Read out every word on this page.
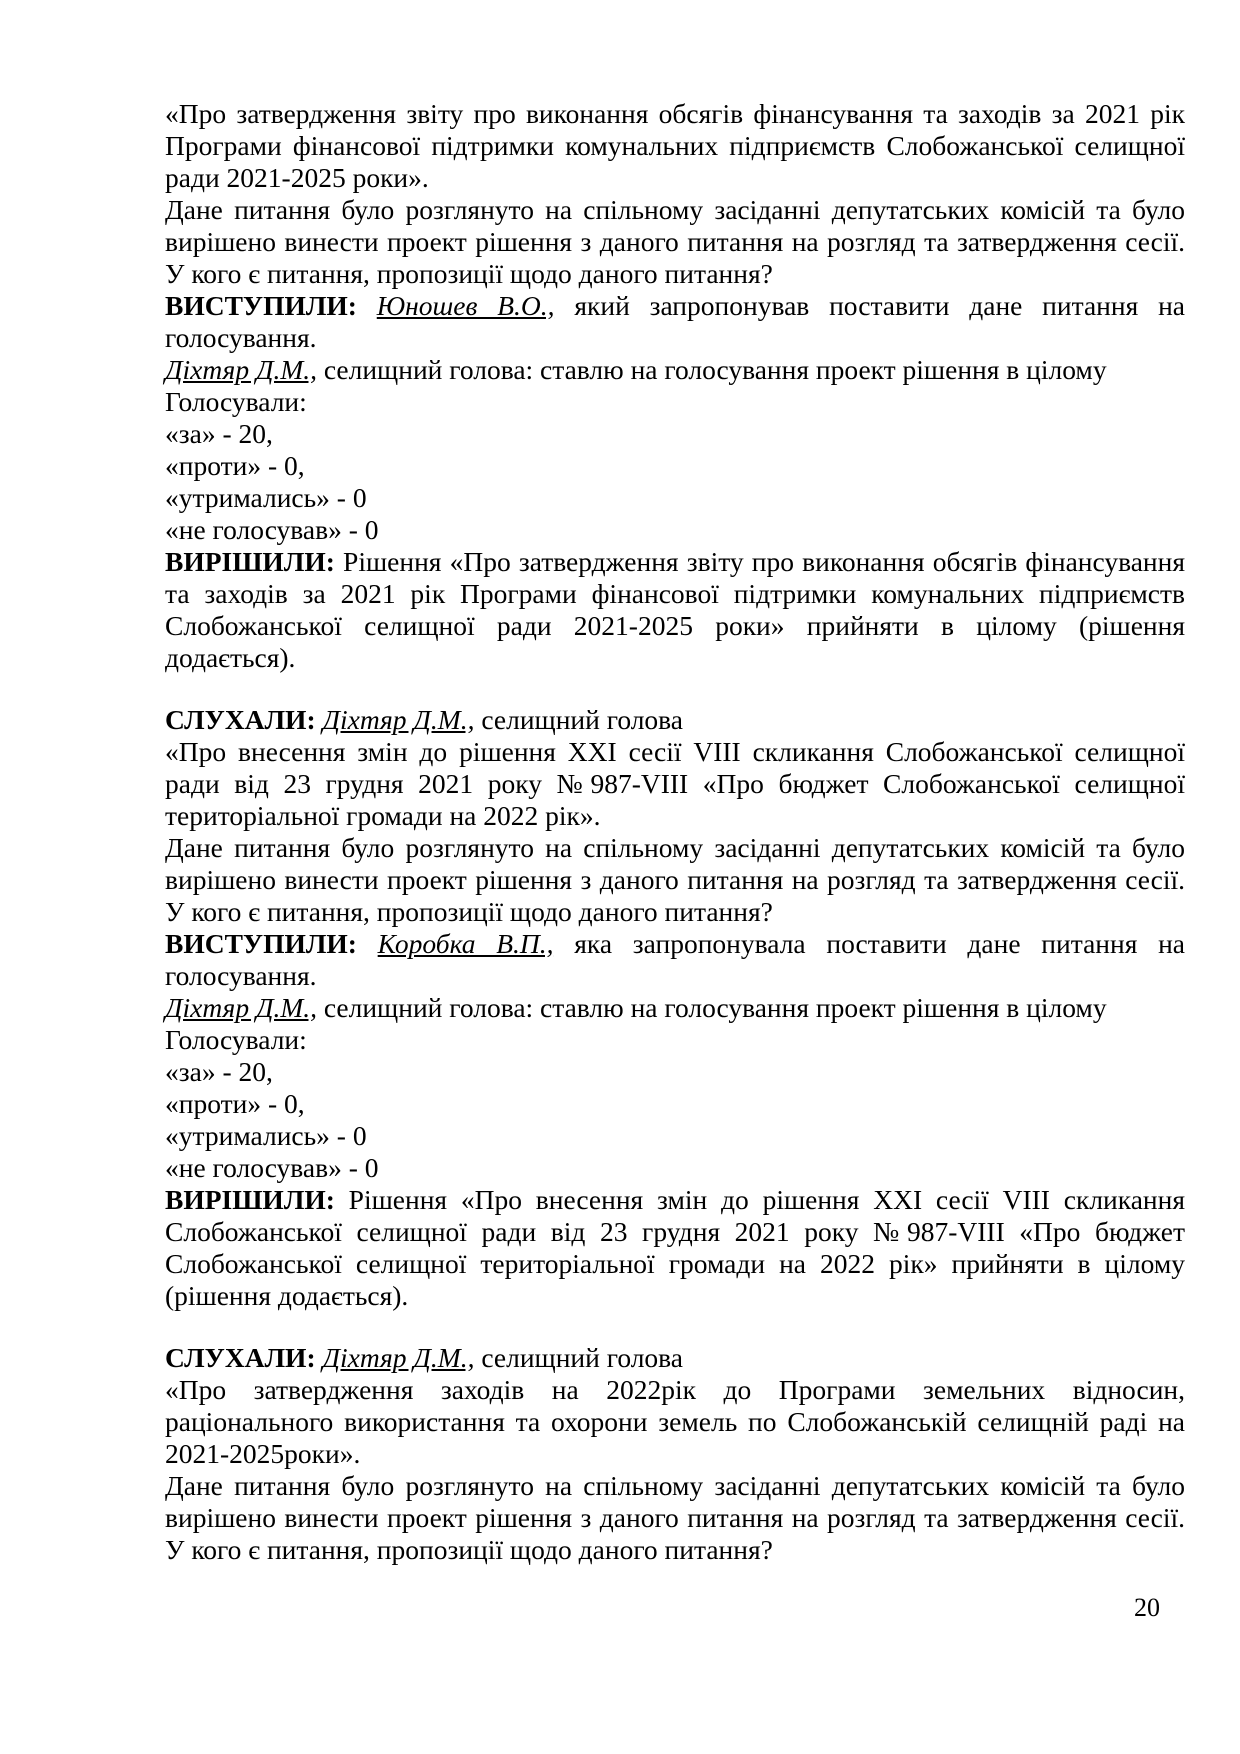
«Про затвердження звіту про виконання обсягів фінансування та заходів за 2021 рік Програми фінансової підтримки комунальних підприємств Слобожанської селищної ради 2021-2025 роки».

Дане питання було розглянуто на спільному засіданні депутатських комісій та було вирішено винести проект рішення з даного питання на розгляд та затвердження сесії. У кого є питання, пропозиції щодо даного питання?

ВИСТУПИЛИ: Юношев В.О., який запропонував поставити дане питання на голосування.

Діхтяр Д.М., селищний голова: ставлю на голосування проект рішення в цілому

Голосували:

«за» - 20,

«проти» - 0,

«утримались» - 0

«не голосував» - 0

ВИРІШИЛИ: Рішення «Про затвердження звіту про виконання обсягів фінансування та заходів за 2021 рік Програми фінансової підтримки комунальних підприємств Слобожанської селищної ради 2021-2025 роки» прийняти в цілому (рішення додається).

СЛУХАЛИ: Діхтяр Д.М., селищний голова

«Про внесення змін до рішення XXI сесії VIII скликання Слобожанської селищної ради від 23 грудня 2021 року №987-VIII «Про бюджет Слобожанської селищної територіальної громади на 2022 рік».

Дане питання було розглянуто на спільному засіданні депутатських комісій та було вирішено винести проект рішення з даного питання на розгляд та затвердження сесії. У кого є питання, пропозиції щодо даного питання?

ВИСТУПИЛИ: Коробка В.П., яка запропонувала поставити дане питання на голосування.

Діхтяр Д.М., селищний голова: ставлю на голосування проект рішення в цілому

Голосували:

«за» - 20,

«проти» - 0,

«утримались» - 0

«не голосував» - 0

ВИРІШИЛИ: Рішення «Про внесення змін до рішення XXI сесії VIII скликання Слобожанської селищної ради від 23 грудня 2021 року №987-VIII «Про бюджет Слобожанської селищної територіальної громади на 2022 рік» прийняти в цілому (рішення додається).

СЛУХАЛИ: Діхтяр Д.М., селищний голова

«Про затвердження заходів на 2022рік до Програми земельних відносин, раціонального використання та охорони земель по Слобожанській селищній раді на 2021-2025роки».

Дане питання було розглянуто на спільному засіданні депутатських комісій та було вирішено винести проект рішення з даного питання на розгляд та затвердження сесії. У кого є питання, пропозиції щодо даного питання?

20
